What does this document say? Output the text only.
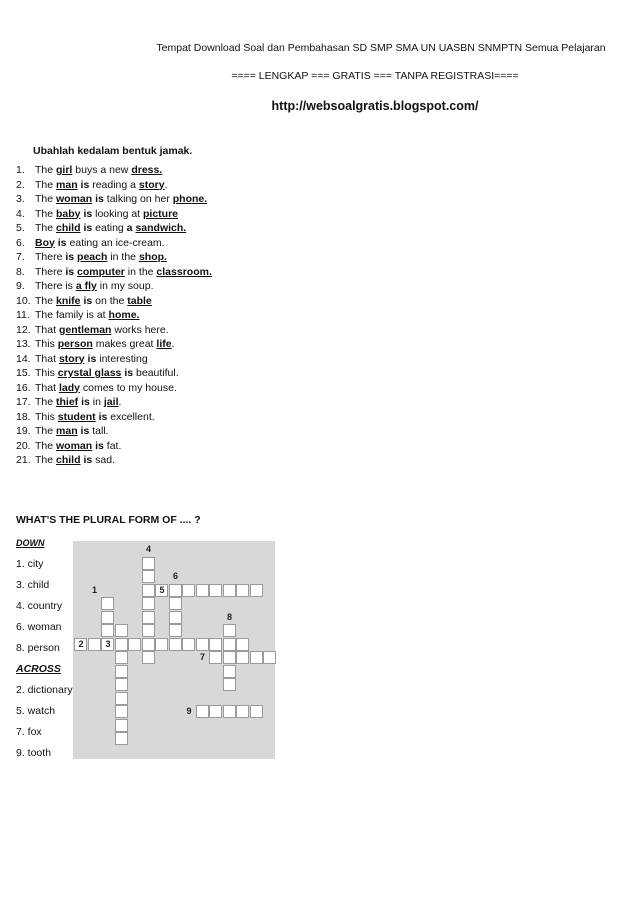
Tempat Download Soal dan Pembahasan SD SMP SMA UN UASBN SNMPTN Semua Pelajaran
==== LENGKAP === GRATIS === TANPA REGISTRASI====
http://websoalgratis.blogspot.com/
Ubahlah kedalam bentuk jamak.
1. The girl buys a new dress.
2. The man is reading a story.
3. The woman is talking on her phone.
4. The baby is looking at picture
5. The child is eating a sandwich.
6. Boy is eating an ice-cream.
7. There is peach in the shop.
8. There is computer in the classroom.
9. There is a fly in my soup.
10. The knife is on the table
11. The family is at home.
12. That gentleman works here.
13. This person makes great life.
14. That story is interesting
15. This crystal glass is beautiful.
16. That lady comes to my house.
17. The thief is in jail.
18. This student is excellent.
19. The man is tall.
20. The woman is fat.
21. The child is sad.
WHAT'S THE PLURAL FORM OF .... ?
DOWN
1. city
3. child
4. country
6. woman
8. person
ACROSS
2. dictionary
5. watch
7. fox
9. tooth
1
2	3
4
5
6
7
8
9
